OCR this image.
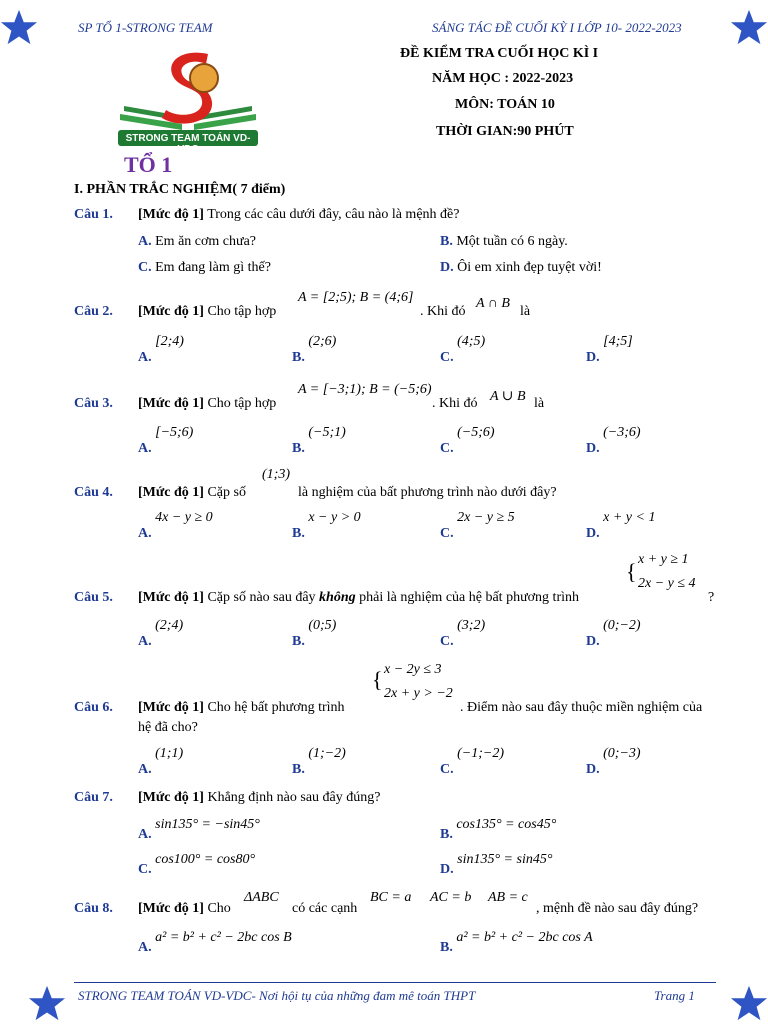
SP TỔ 1-STRONG TEAM	SÁNG TÁC ĐỀ CUỐI KỲ I LỚP 10- 2022-2023
STRONG TEAM TOÁN VD-VDC
TỔ 1
ĐỀ KIỂM TRA CUỐI HỌC KÌ I
NĂM HỌC : 2022-2023
MÔN: TOÁN 10
THỜI GIAN:90 PHÚT
I. PHẦN TRẮC NGHIỆM( 7 điểm)
Câu 1. [Mức độ 1] Trong các câu dưới đây, câu nào là mệnh đề?
A. Em ăn cơm chưa?	B. Một tuần có 6 ngày.
C. Em đang làm gì thế?	D. Ôi em xinh đẹp tuyệt vời!
Câu 2. [Mức độ 1] Cho tập hợp
A = [2;5); B = (4;6]
. Khi đó
A ∩ B
là
A. [2;4)
B. (2;6)
C. (4;5)
D. [4;5]
Câu 3. [Mức độ 1] Cho tập hợp
A = [−3;1); B = (−5;6)
. Khi đó A ∪ B là
A. [−5;6)
B. (−5;1)
C. (−5;6)
D. (−3;6)
Câu 4. [Mức độ 1] Cặp số
(1;3)
là nghiệm của bất phương trình nào dưới đây?
A. 4x − y ≥ 0
B. x − y > 0
C. 2x − y ≥ 5
D. x + y < 1
Câu 5. [Mức độ 1] Cặp số nào sau đây không phải là nghiệm của hệ bất phương trình
{ x + y ≥ 1
2x − y ≤ 4
?
A. (2;4)
B. (0;5)
C. (3;2)
D. (0;−2)
Câu 6. [Mức độ 1] Cho hệ bất phương trình
{ x − 2y ≤ 3
2x + y > −2
. Điểm nào sau đây thuộc miền nghiệm của
hệ đã cho?
A. (1;1)
B. (1;−2)
C. (−1;−2)
D. (0;−3)
Câu 7. [Mức độ 1] Khẳng định nào sau đây đúng?
A. sin135° = −sin45°
B. cos135° = cos45°
C. cos100° = cos80°
D. sin135° = sin45°
Câu 8. [Mức độ 1] Cho
ΔABC
có các cạnh
BC = a AC = b AB = c
, mệnh đề nào sau đây đúng?
A. a² = b² + c² − 2bc cos B
B. a² = b² + c² − 2bc cos A
STRONG TEAM TOÁN VD-VDC- Nơi hội tụ của những đam mê toán THPT	Trang 1
